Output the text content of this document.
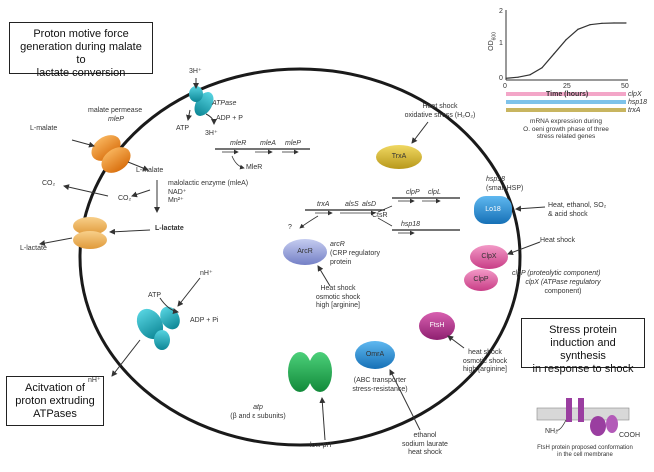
Proton motive force
generation during malate to
lactate conversion
Stress protein
induction and synthesis
in response to shock
Acitvation of
proton extruding
ATPases
$OD_{600}$
2
1
0
0	25	50
Time (hours)	clpX
hsp18
trxA
mRNA expression during
O. oeni growth phase of three
stress related genes
3H⁺
ATPase
ADP + P
ATP
3H⁺
malate permease
mleP
L-malate
L-malate
CO₂
CO₂
malolactic enzyme (mleA)
NAD⁺
Mn²⁺
L-lactate
L-lactate
mleR mleA mleP
MleR
TrxA
Heat shock
oxidative stress (H₂O₂)
trxA alsS alsD
clpP clpL
hsp18
CtsR
?
ArcR
arcR
(CRP regulatory
protein
Heat shock
osmotic shock
high [arginine]
Lo18
hsp18
(small HSP)
Heat, ethanol, SO₂
& acid shock
ClpX
ClpP
Heat shock
clpP (proteolytic component)
clpX (ATPase regulatory
component)
FtsH
heat shock
osmotic shock
high [arginine]
OmrA
(ABC transporter
stress-resistance)
ethanol
sodium laurate
heat shock
atp
(β and ε subunits)
low pH
nH⁺
ATP
ADP + Pi
nH⁺
NH₂
COOH
FtsH protein proposed conformation
in the cell membrane
